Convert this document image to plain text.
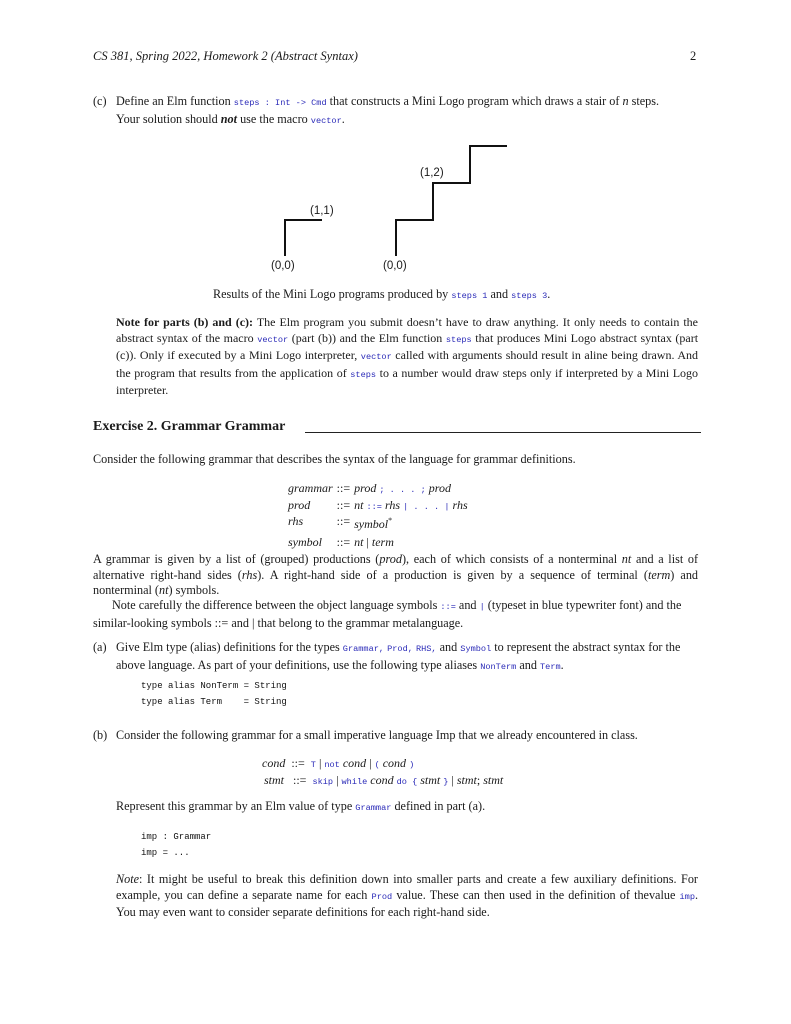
CS 381, Spring 2022, Homework 2 (Abstract Syntax)	2
(c) Define an Elm function steps : Int -> Cmd that constructs a Mini Logo program which draws a stair of n steps.
Your solution should not use the macro vector.
(1,1)
(0,0)
(1,2)
(0,0)
Results of the Mini Logo programs produced by steps 1 and steps 3.
Note for parts (b) and (c): The Elm program you submit doesn’t have to draw anything. It only needs to contain the abstract syntax of the macro vector (part (b)) and the Elm function steps that produces Mini Logo abstract syntax (part (c)). Only if executed by a Mini Logo interpreter, vector called with arguments should result in aline being drawn. And the program that results from the application of steps to a number would draw steps only if interpreted by a Mini Logo interpreter.
Exercise 2. Grammar Grammar
Consider the following grammar that describes the syntax of the language for grammar definitions.
grammar	::=	prod ; . . . ; prod
prod	::=	nt ::= rhs | . . . | rhs
rhs	::=	symbol*
symbol	::=	nt | term
A grammar is given by a list of (grouped) productions (prod), each of which consists of a nonterminal nt and a list of alternative right-hand sides (rhs). A right-hand side of a production is given by a sequence of terminal (term) and nonterminal (nt) symbols.
Note carefully the difference between the object language symbols ::= and | (typeset in blue typewriter font) and the similar-looking symbols ::= and | that belong to the grammar metalanguage.
(a) Give Elm type (alias) definitions for the types Grammar, Prod, RHS, and Symbol to represent the abstract syntax for the above language. As part of your definitions, use the following type aliases NonTerm and Term.
type alias NonTerm = String
type alias Term    = String
(b) Consider the following grammar for a small imperative language Imp that we already encountered in class.
cond ::= T | not cond | ( cond )
stmt ::= skip | while cond do { stmt } | stmt; stmt
Represent this grammar by an Elm value of type Grammar defined in part (a).
imp : Grammar
imp = ...
Note: It might be useful to break this definition down into smaller parts and create a few auxiliary definitions. For example, you can define a separate name for each Prod value. These can then used in the definition of thevalue imp. You may even want to consider separate definitions for each right-hand side.
